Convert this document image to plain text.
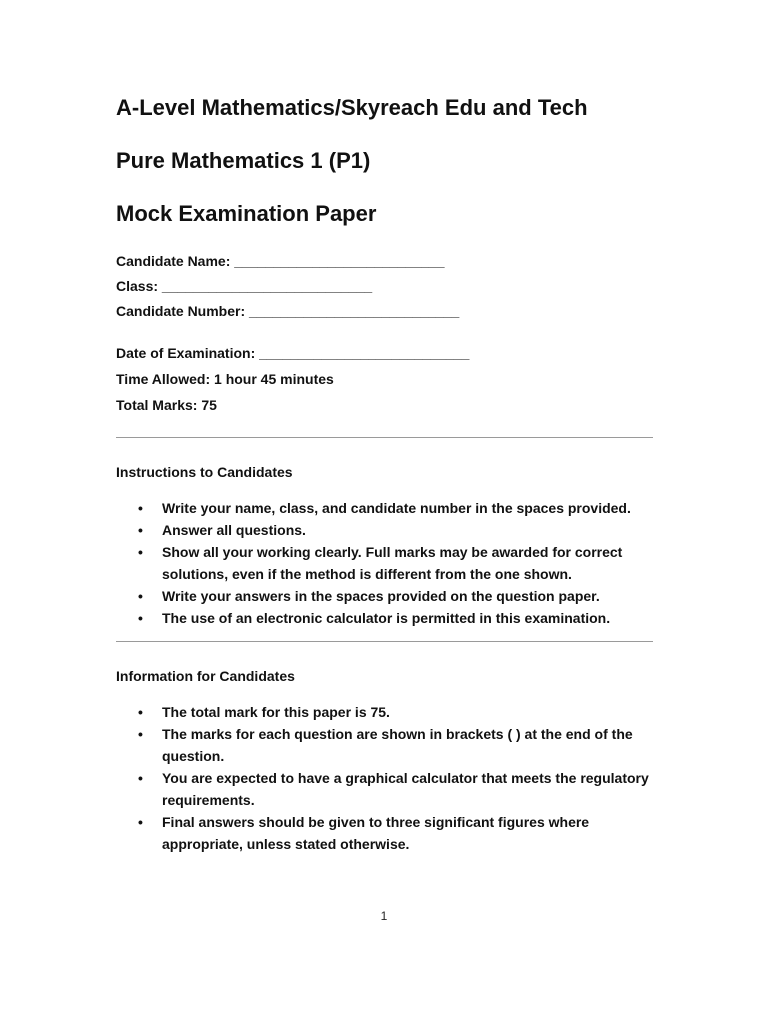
A-Level Mathematics/Skyreach Edu and Tech
Pure Mathematics 1 (P1)
Mock Examination Paper

Candidate Name: ___________________________

Class: ___________________________

Candidate Number: ___________________________

Date of Examination: ___________________________

Time Allowed: 1 hour 45 minutes

Total Marks: 75

Instructions to Candidates

• Write your name, class, and candidate number in the spaces provided.
• Answer all questions.
• Show all your working clearly. Full marks may be awarded for correct solutions, even if the method is different from the one shown.
• Write your answers in the spaces provided on the question paper.
• The use of an electronic calculator is permitted in this examination.

Information for Candidates

• The total mark for this paper is 75.
• The marks for each question are shown in brackets ( ) at the end of the question.
• You are expected to have a graphical calculator that meets the regulatory requirements.
• Final answers should be given to three significant figures where appropriate, unless stated otherwise.
1
